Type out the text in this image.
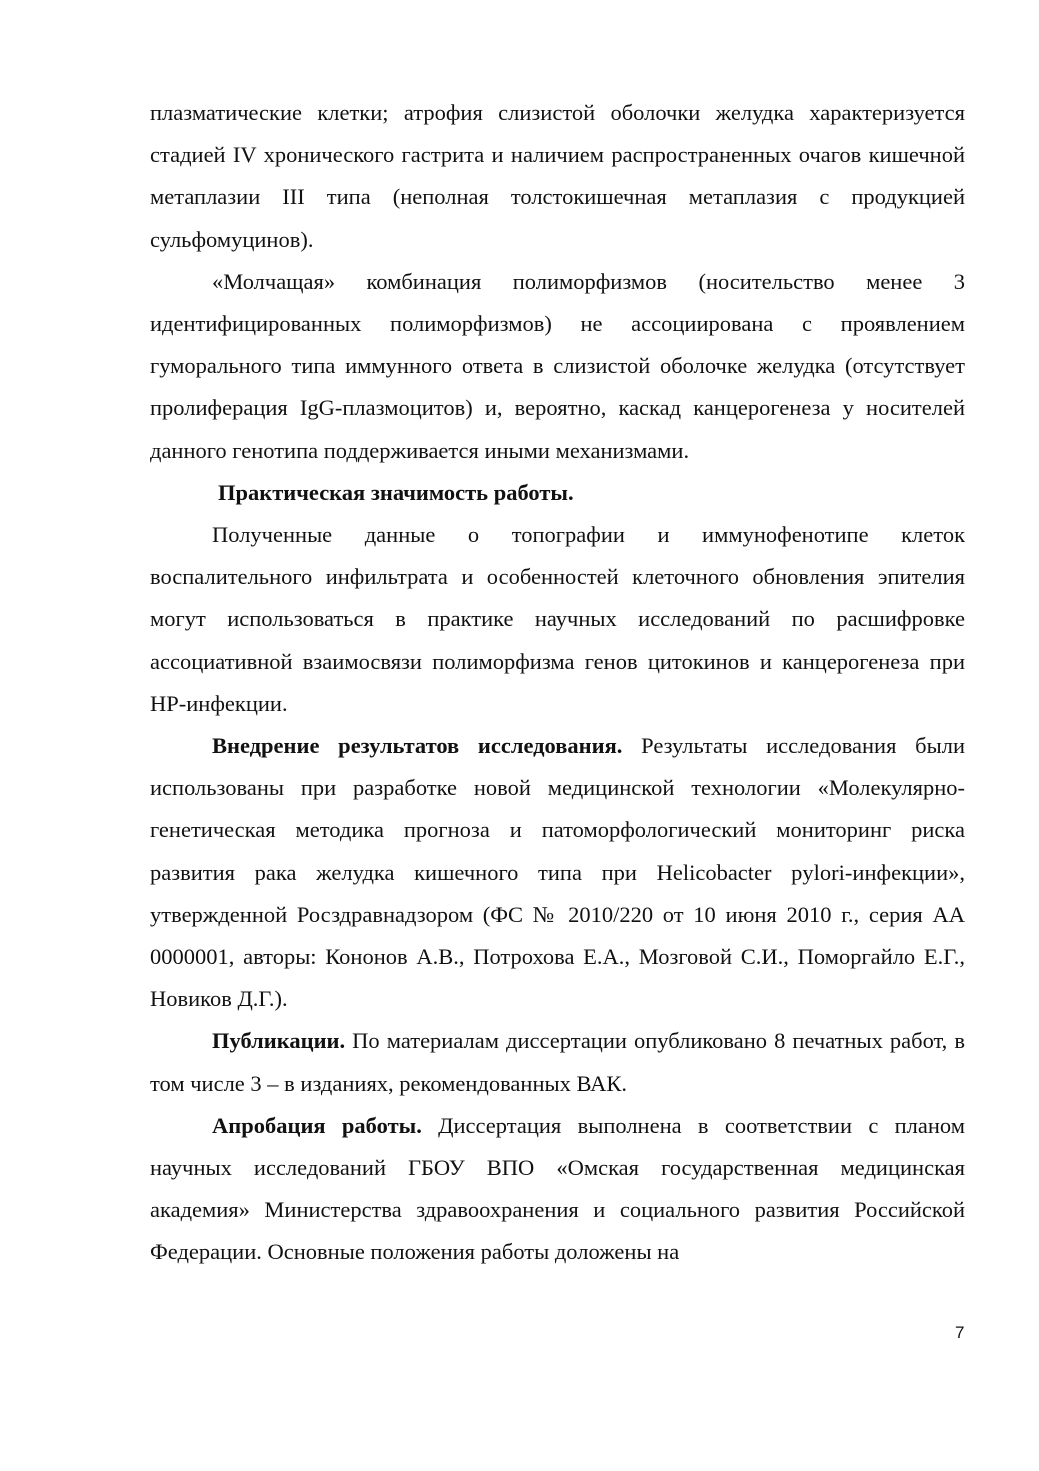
плазматические клетки; атрофия слизистой оболочки желудка характеризуется стадией IV хронического гастрита и наличием распространенных очагов кишечной метаплазии III типа (неполная толстокишечная метаплазия с продукцией сульфомуцинов).

«Молчащая» комбинация полиморфизмов (носительство менее 3 идентифицированных полиморфизмов) не ассоциирована с проявлением гуморального типа иммунного ответа в слизистой оболочке желудка (отсутствует пролиферация IgG-плазмоцитов) и, вероятно, каскад канцерогенеза у носителей данного генотипа поддерживается иными механизмами.

Практическая значимость работы.

Полученные данные о топографии и иммунофенотипе клеток воспалительного инфильтрата и особенностей клеточного обновления эпителия могут использоваться в практике научных исследований по расшифровке ассоциативной взаимосвязи полиморфизма генов цитокинов и канцерогенеза при НР-инфекции.

Внедрение результатов исследования. Результаты исследования были использованы при разработке новой медицинской технологии «Молекулярно-генетическая методика прогноза и патоморфологический мониторинг риска развития рака желудка кишечного типа при Helicobacter pylori-инфекции», утвержденной Росздравнадзором (ФС № 2010/220 от 10 июня 2010 г., серия АА 0000001, авторы: Кононов А.В., Потрохова Е.А., Мозговой С.И., Поморгайло Е.Г., Новиков Д.Г.).

Публикации. По материалам диссертации опубликовано 8 печатных работ, в том числе 3 – в изданиях, рекомендованных ВАК.

Апробация работы. Диссертация выполнена в соответствии с планом научных исследований ГБОУ ВПО «Омская государственная медицинская академия» Министерства здравоохранения и социального развития Российской Федерации. Основные положения работы доложены на

7
